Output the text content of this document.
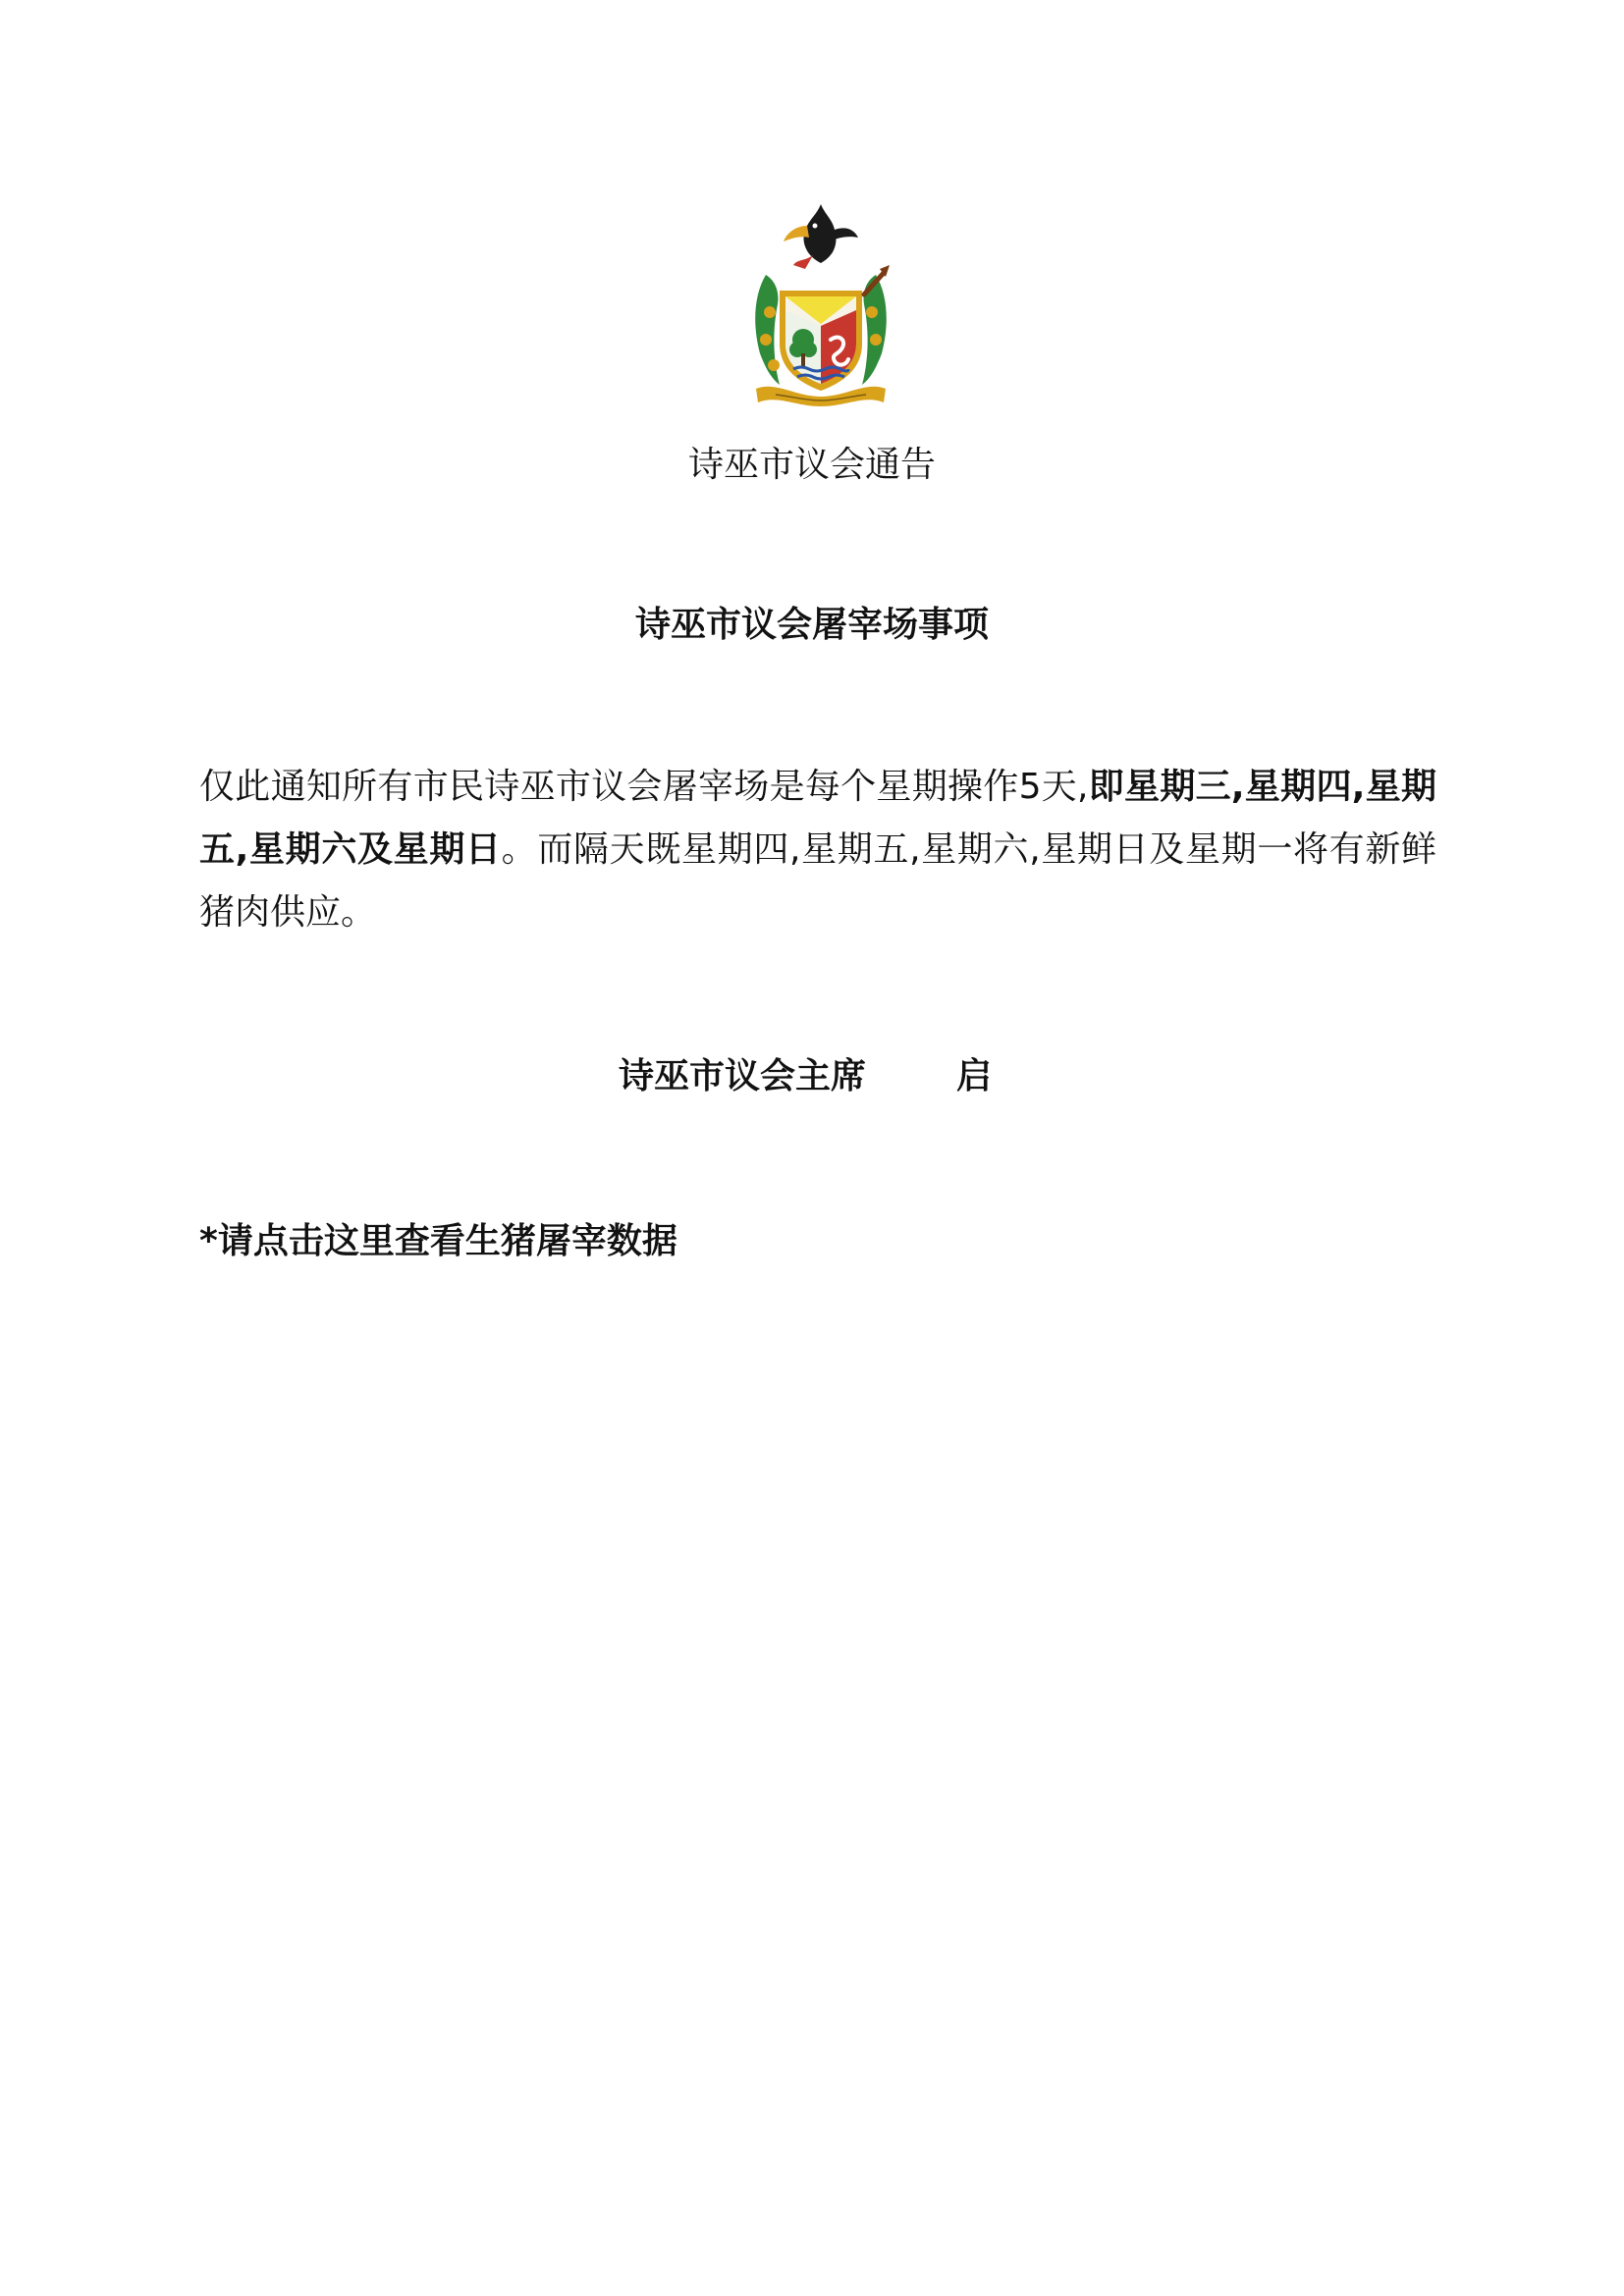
诗巫市议会通告
诗巫市议会屠宰场事项
仅此通知所有市民诗巫市议会屠宰场是每个星期操作5天,即星期三,星期四,星期五,星期六及星期日。而隔天既星期四,星期五,星期六,星期日及星期一将有新鲜猪肉供应。
诗巫市议会主席	启
*请点击这里查看生猪屠宰数据
